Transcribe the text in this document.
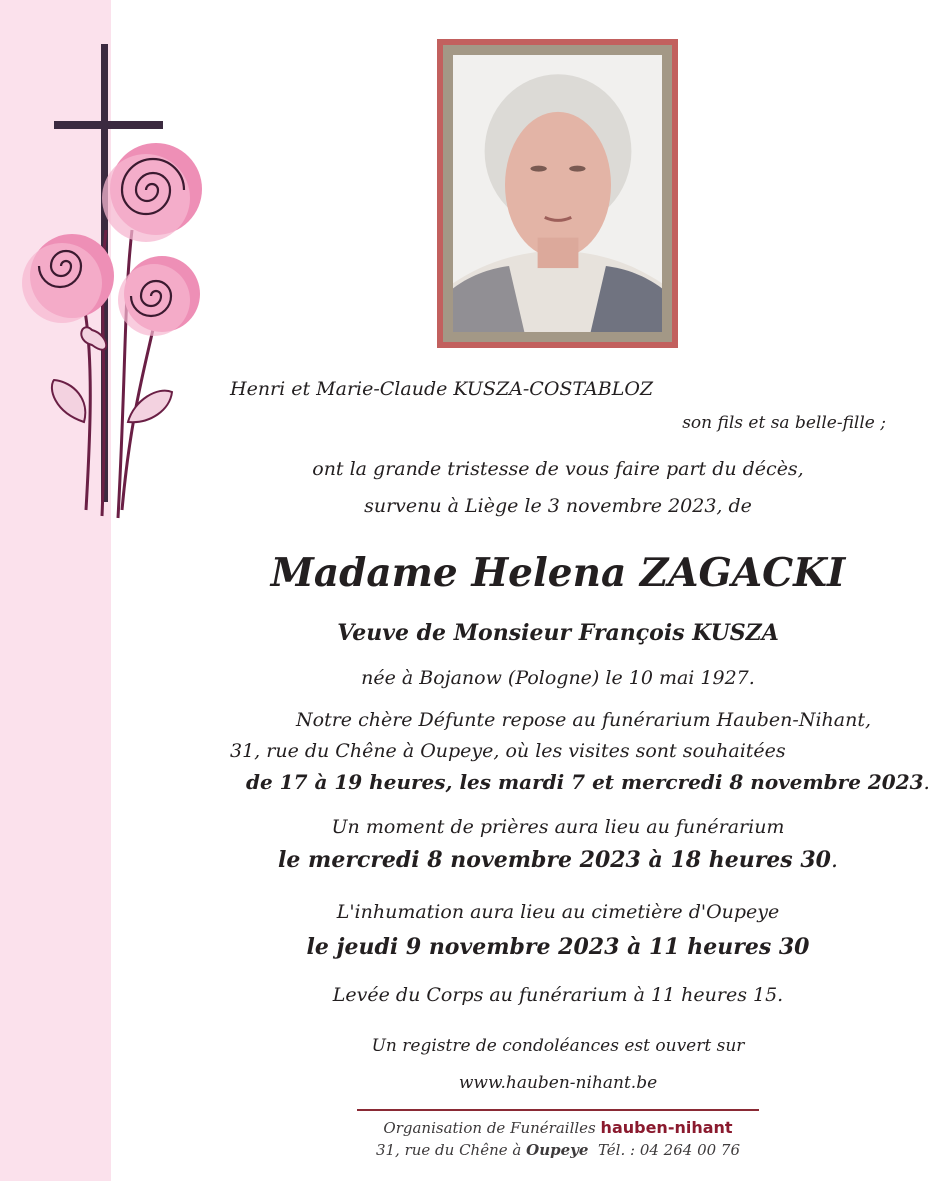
Henri et Marie-Claude KUSZA-COSTABLOZ
son fils et sa belle-fille ;
ont la grande tristesse de vous faire part du décès,
survenu à Liège le 3 novembre 2023, de
Madame Helena ZAGACKI
Veuve de Monsieur François KUSZA
née à Bojanow (Pologne) le 10 mai 1927.
Notre chère Défunte repose au funérarium Hauben-Nihant,
31, rue du Chêne à Oupeye, où les visites sont souhaitées
de 17 à 19 heures, les mardi 7 et mercredi 8 novembre 2023.
Un moment de prières aura lieu au funérarium
le mercredi 8 novembre 2023 à 18 heures 30.
L'inhumation aura lieu au cimetière d'Oupeye
le jeudi 9 novembre 2023 à 11 heures 30
Levée du Corps au funérarium à 11 heures 15.
Un registre de condoléances est ouvert sur
www.hauben-nihant.be
Organisation de Funérailles hauben-nihant
31, rue du Chêne à Oupeye Tél. : 04 264 00 76
